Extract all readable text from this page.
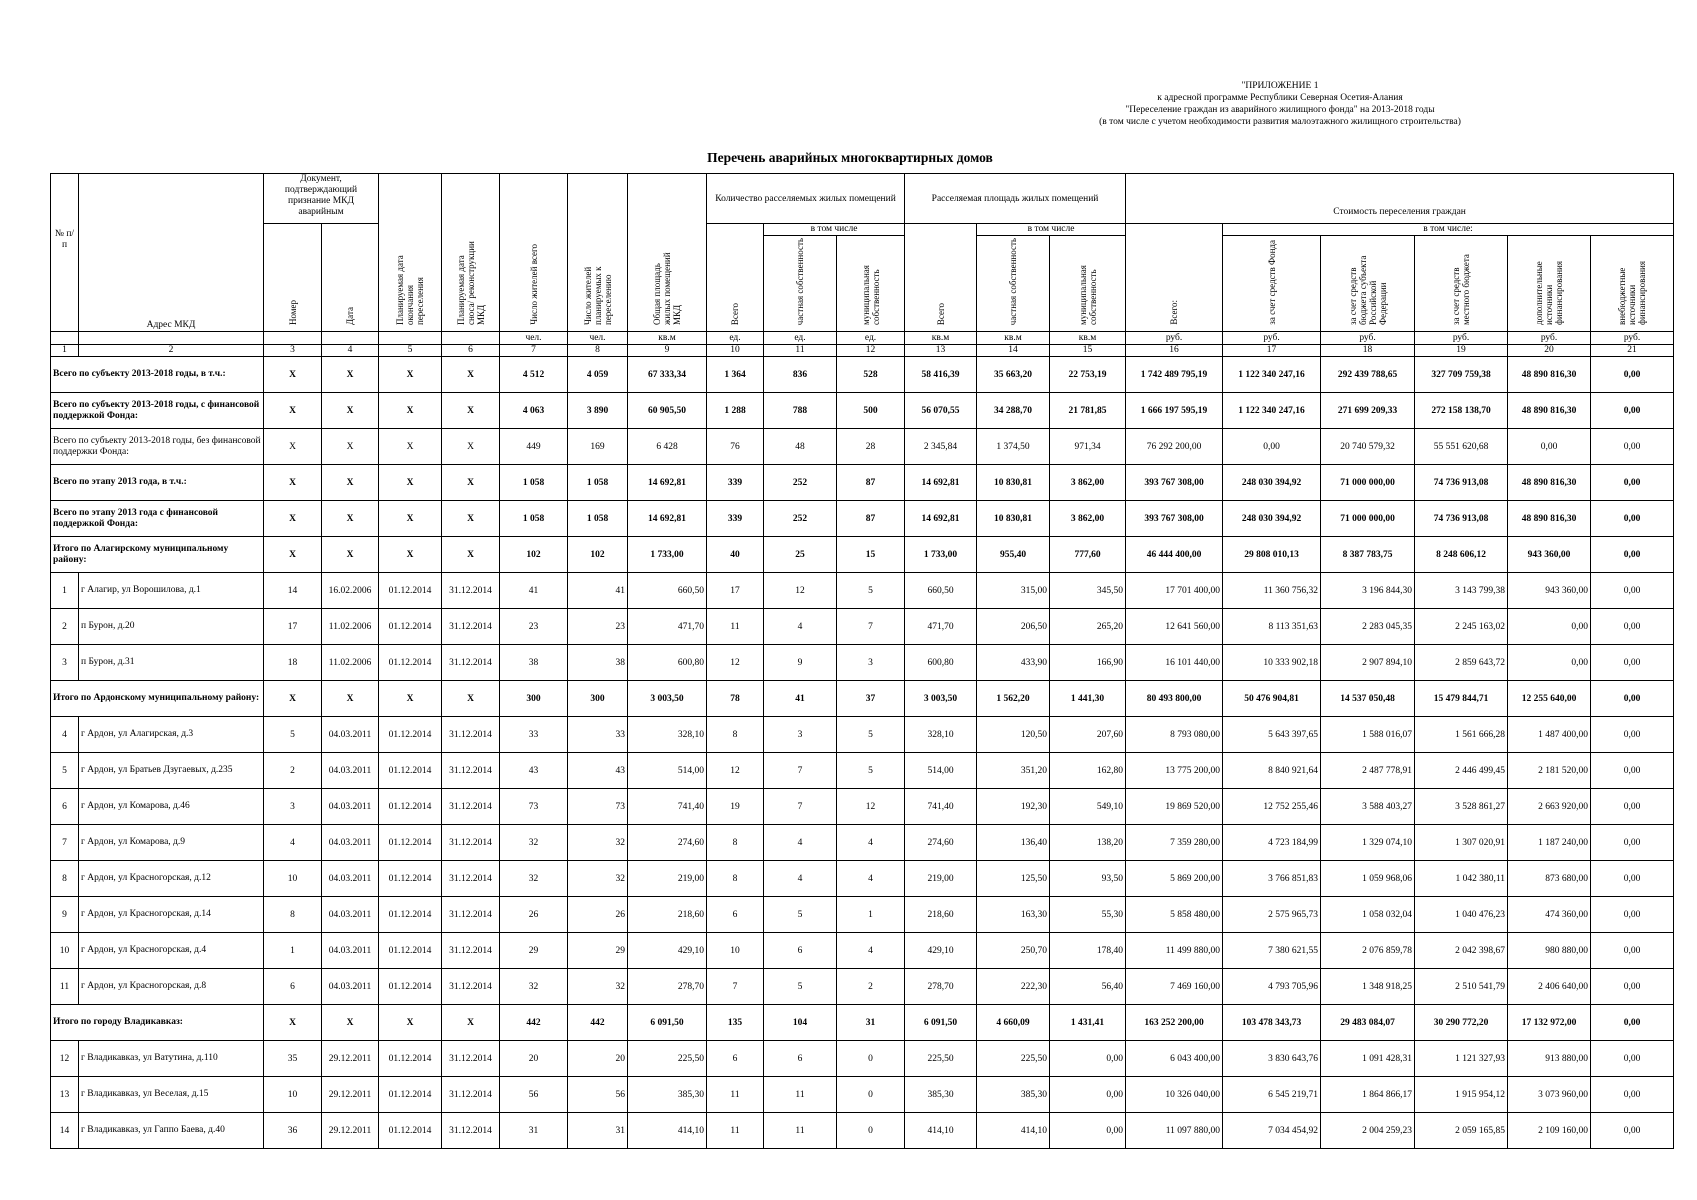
"ПРИЛОЖЕНИЕ 1
к адресной программе Республики Северная Осетия-Алания
"Переселение граждан из аварийного жилищного фонда" на 2013-2018 годы
(в том числе с учетом необходимости развития малоэтажного жилищного строительства)
Перечень аварийных многоквартирных домов
№ п/п	Адрес МКД	Документ, подтверждающий признание МКД аварийным		Планируемая дата окончания переселения	Планируемая дата сноса/ реконструкции МКД	Число жителей всего	Число жителей планируемых к переселению	Общая площадь жилых помещений МКД	Количество расселяемых жилых помещений			Расселяемая площадь жилых помещений			Стоимость переселения граждан					
		Номер	Дата						Всего	в том числе		Всего	в том числе		Всего:	в том числе:				
										частная собственность	муниципальная собственность		частная собственность	муниципальная собственность		за счет средств Фонда	за счет средств бюджета субъекта Российской Федерации	за счет средств местного бюджета	дополнительные источники финансирования	внебюджетные источники финансирования
						чел.	чел.	кв.м	ед.	ед.	ед.	кв.м	кв.м	кв.м	руб.	руб.	руб.	руб.	руб.	руб.
1	2	3	4	5	6	7	8	9	10	11	12	13	14	15	16	17	18	19	20	21
Всего по субъекту 2013-2018 годы, в т.ч.:		X	X	X	X	4 512	4 059	67 333,34	1 364	836	528	58 416,39	35 663,20	22 753,19	1 742 489 795,19	1 122 340 247,16	292 439 788,65	327 709 759,38	48 890 816,30	0,00
Всего по субъекту 2013-2018 годы, с финансовой поддержкой Фонда:		X	X	X	X	4 063	3 890	60 905,50	1 288	788	500	56 070,55	34 288,70	21 781,85	1 666 197 595,19	1 122 340 247,16	271 699 209,33	272 158 138,70	48 890 816,30	0,00
Всего по субъекту 2013-2018 годы, без финансовой поддержки Фонда:		X	X	X	X	449	169	6 428	76	48	28	2 345,84	1 374,50	971,34	76 292 200,00	0,00	20 740 579,32	55 551 620,68	0,00	0,00
Всего по этапу 2013 года, в т.ч.:		X	X	X	X	1 058	1 058	14 692,81	339	252	87	14 692,81	10 830,81	3 862,00	393 767 308,00	248 030 394,92	71 000 000,00	74 736 913,08	48 890 816,30	0,00
Всего по этапу 2013 года с финансовой поддержкой Фонда:		X	X	X	X	1 058	1 058	14 692,81	339	252	87	14 692,81	10 830,81	3 862,00	393 767 308,00	248 030 394,92	71 000 000,00	74 736 913,08	48 890 816,30	0,00
Итого по Алагирскому муниципальному району:		X	X	X	X	102	102	1 733,00	40	25	15	1 733,00	955,40	777,60	46 444 400,00	29 808 010,13	8 387 783,75	8 248 606,12	943 360,00	0,00
1	г Алагир, ул Ворошилова, д.1	14	16.02.2006	01.12.2014	31.12.2014	41	41	660,50	17	12	5	660,50	315,00	345,50	17 701 400,00	11 360 756,32	3 196 844,30	3 143 799,38	943 360,00	0,00
2	п Бурон, д.20	17	11.02.2006	01.12.2014	31.12.2014	23	23	471,70	11	4	7	471,70	206,50	265,20	12 641 560,00	8 113 351,63	2 283 045,35	2 245 163,02	0,00	0,00
3	п Бурон, д.31	18	11.02.2006	01.12.2014	31.12.2014	38	38	600,80	12	9	3	600,80	433,90	166,90	16 101 440,00	10 333 902,18	2 907 894,10	2 859 643,72	0,00	0,00
Итого по Ардонскому муниципальному району:		X	X	X	X	300	300	3 003,50	78	41	37	3 003,50	1 562,20	1 441,30	80 493 800,00	50 476 904,81	14 537 050,48	15 479 844,71	12 255 640,00	0,00
4	г Ардон, ул Алагирская, д.3	5	04.03.2011	01.12.2014	31.12.2014	33	33	328,10	8	3	5	328,10	120,50	207,60	8 793 080,00	5 643 397,65	1 588 016,07	1 561 666,28	1 487 400,00	0,00
5	г Ардон, ул Братьев Дзугаевых, д.235	2	04.03.2011	01.12.2014	31.12.2014	43	43	514,00	12	7	5	514,00	351,20	162,80	13 775 200,00	8 840 921,64	2 487 778,91	2 446 499,45	2 181 520,00	0,00
6	г Ардон, ул Комарова, д.46	3	04.03.2011	01.12.2014	31.12.2014	73	73	741,40	19	7	12	741,40	192,30	549,10	19 869 520,00	12 752 255,46	3 588 403,27	3 528 861,27	2 663 920,00	0,00
7	г Ардон, ул Комарова, д.9	4	04.03.2011	01.12.2014	31.12.2014	32	32	274,60	8	4	4	274,60	136,40	138,20	7 359 280,00	4 723 184,99	1 329 074,10	1 307 020,91	1 187 240,00	0,00
8	г Ардон, ул Красногорская, д.12	10	04.03.2011	01.12.2014	31.12.2014	32	32	219,00	8	4	4	219,00	125,50	93,50	5 869 200,00	3 766 851,83	1 059 968,06	1 042 380,11	873 680,00	0,00
9	г Ардон, ул Красногорская, д.14	8	04.03.2011	01.12.2014	31.12.2014	26	26	218,60	6	5	1	218,60	163,30	55,30	5 858 480,00	2 575 965,73	1 058 032,04	1 040 476,23	474 360,00	0,00
10	г Ардон, ул Красногорская, д.4	1	04.03.2011	01.12.2014	31.12.2014	29	29	429,10	10	6	4	429,10	250,70	178,40	11 499 880,00	7 380 621,55	2 076 859,78	2 042 398,67	980 880,00	0,00
11	г Ардон, ул Красногорская, д.8	6	04.03.2011	01.12.2014	31.12.2014	32	32	278,70	7	5	2	278,70	222,30	56,40	7 469 160,00	4 793 705,96	1 348 918,25	2 510 541,79	2 406 640,00	0,00
Итого по городу Владикавказ:		X	X	X	X	442	442	6 091,50	135	104	31	6 091,50	4 660,09	1 431,41	163 252 200,00	103 478 343,73	29 483 084,07	30 290 772,20	17 132 972,00	0,00
12	г Владикавказ, ул Ватутина, д.110	35	29.12.2011	01.12.2014	31.12.2014	20	20	225,50	6	6	0	225,50	225,50	0,00	6 043 400,00	3 830 643,76	1 091 428,31	1 121 327,93	913 880,00	0,00
13	г Владикавказ, ул Веселая, д.15	10	29.12.2011	01.12.2014	31.12.2014	56	56	385,30	11	11	0	385,30	385,30	0,00	10 326 040,00	6 545 219,71	1 864 866,17	1 915 954,12	3 073 960,00	0,00
14	г Владикавказ, ул Гаппо Баева, д.40	36	29.12.2011	01.12.2014	31.12.2014	31	31	414,10	11	11	0	414,10	414,10	0,00	11 097 880,00	7 034 454,92	2 004 259,23	2 059 165,85	2 109 160,00	0,00
